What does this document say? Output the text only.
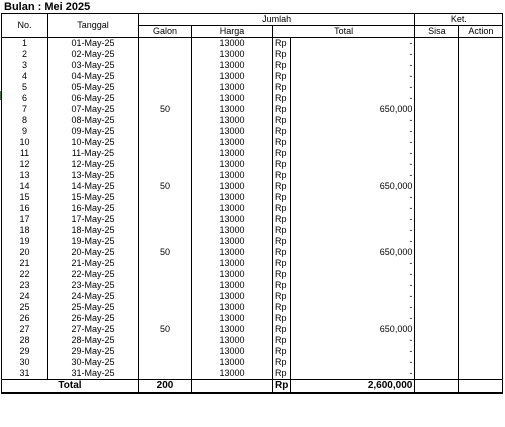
Bulan : Mei 2025
No.	Tanggal	Jumlah				Ket.	
		Galon	Harga	Total		Sisa	Action
1	01-May-25		13000	Rp	-		
2	02-May-25		13000	Rp	-		
3	03-May-25		13000	Rp	-		
4	04-May-25		13000	Rp	-		
5	05-May-25		13000	Rp	-		
6	06-May-25		13000	Rp	-		
7	07-May-25	50	13000	Rp	650,000		
8	08-May-25		13000	Rp	-		
9	09-May-25		13000	Rp	-		
10	10-May-25		13000	Rp	-		
11	11-May-25		13000	Rp	-		
12	12-May-25		13000	Rp	-		
13	13-May-25		13000	Rp	-		
14	14-May-25	50	13000	Rp	650,000		
15	15-May-25		13000	Rp	-		
16	16-May-25		13000	Rp	-		
17	17-May-25		13000	Rp	-		
18	18-May-25		13000	Rp	-		
19	19-May-25		13000	Rp	-		
20	20-May-25	50	13000	Rp	650,000		
21	21-May-25		13000	Rp	-		
22	22-May-25		13000	Rp	-		
23	23-May-25		13000	Rp	-		
24	24-May-25		13000	Rp	-		
25	25-May-25		13000	Rp	-		
26	26-May-25		13000	Rp	-		
27	27-May-25	50	13000	Rp	650,000		
28	28-May-25		13000	Rp	-		
29	29-May-25		13000	Rp	-		
30	30-May-25		13000	Rp	-		
31	31-May-25		13000	Rp	-		
Total		200		Rp	2,600,000		
